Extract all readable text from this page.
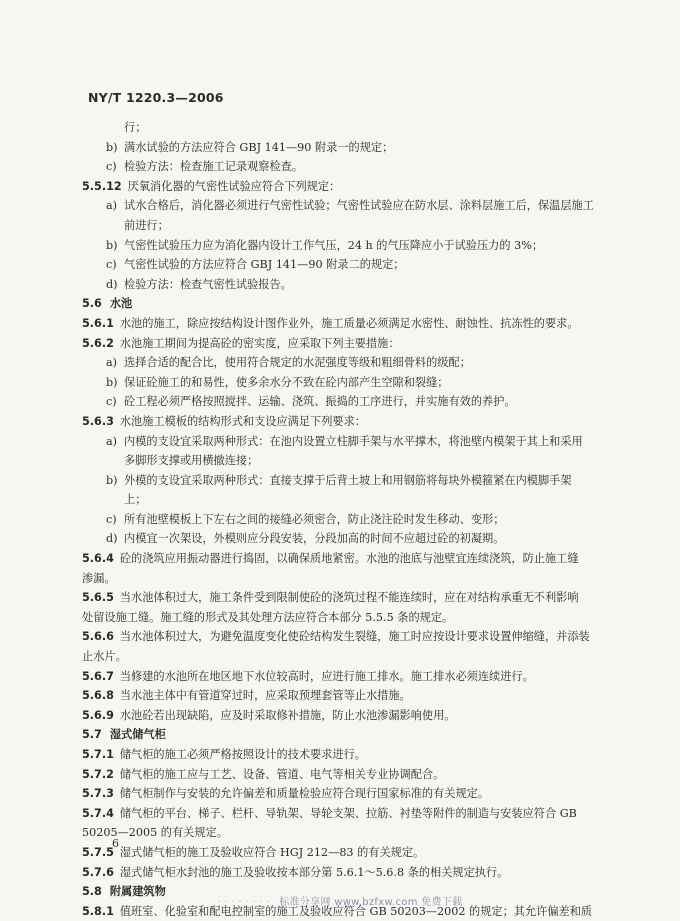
NY/T 1220.3—2006
行；
b) 满水试验的方法应符合 GBJ 141—90 附录一的规定；
c) 检验方法：检查施工记录观察检查。
5.5.12 厌氧消化器的气密性试验应符合下列规定：
a) 试水合格后，消化器必须进行气密性试验；气密性试验应在防水层、涂料层施工后，保温层施工
前进行；
b) 气密性试验压力应为消化器内设计工作气压，24 h 的气压降应小于试验压力的 3%；
c) 气密性试验的方法应符合 GBJ 141—90 附录二的规定；
d) 检验方法：检查气密性试验报告。
5.6 水池
5.6.1 水池的施工，除应按结构设计图作业外，施工质量必须满足水密性、耐蚀性、抗冻性的要求。
5.6.2 水池施工期间为提高砼的密实度，应采取下列主要措施：
a) 选择合适的配合比，使用符合规定的水泥强度等级和粗细骨料的级配；
b) 保证砼施工的和易性，使多余水分不致在砼内部产生空隙和裂缝；
c) 砼工程必须严格按照搅拌、运输、浇筑、振捣的工序进行，并实施有效的养护。
5.6.3 水池施工模板的结构形式和支设应满足下列要求：
a) 内模的支设宜采取两种形式：在池内设置立柱脚手架与水平撑木，将池壁内模架于其上和采用
多脚形支撑或用横撤连接；
b) 外模的支设宜采取两种形式：直接支撑于后背土坡上和用钢筋将每块外模箍紧在内模脚手架
上；
c) 所有池壁模板上下左右之间的接缝必须密合，防止浇注砼时发生移动、变形；
d) 内模宜一次架设，外模则应分段安装，分段加高的时间不应超过砼的初凝期。
5.6.4 砼的浇筑应用振动器进行捣固，以确保质地紧密。水池的池底与池壁宜连续浇筑，防止施工缝
渗漏。
5.6.5 当水池体积过大，施工条件受到限制使砼的浇筑过程不能连续时，应在对结构承重无不利影响
处留设施工缝。施工缝的形式及其处理方法应符合本部分 5.5.5 条的规定。
5.6.6 当水池体积过大，为避免温度变化使砼结构发生裂缝，施工时应按设计要求设置伸缩缝，并添装
止水片。
5.6.7 当修建的水池所在地区地下水位较高时，应进行施工排水。施工排水必须连续进行。
5.6.8 当水池主体中有管道穿过时，应采取预埋套管等止水措施。
5.6.9 水池砼若出现缺陷，应及时采取修补措施，防止水池渗漏影响使用。
5.7 湿式储气柜
5.7.1 储气柜的施工必须严格按照设计的技术要求进行。
5.7.2 储气柜的施工应与工艺、设备、管道、电气等相关专业协调配合。
5.7.3 储气柜制作与安装的允许偏差和质量检验应符合现行国家标准的有关规定。
5.7.4 储气柜的平台、梯子、栏杆、导轨架、导轮支架、拉筋、衬垫等附件的制造与安装应符合 GB
50205—2005 的有关规定。
5.7.5 湿式储气柜的施工及验收应符合 HGJ 212—83 的有关规定。
5.7.6 湿式储气柜水封池的施工及验收按本部分第 5.6.1～5.6.8 条的相关规定执行。
5.8 附属建筑物
5.8.1 值班室、化验室和配电控制室的施工及验收应符合 GB 50203—2002 的规定；其允许偏差和质
6
· · · · · · · · 标准分享网 www.bzfxw.com 免费下载
